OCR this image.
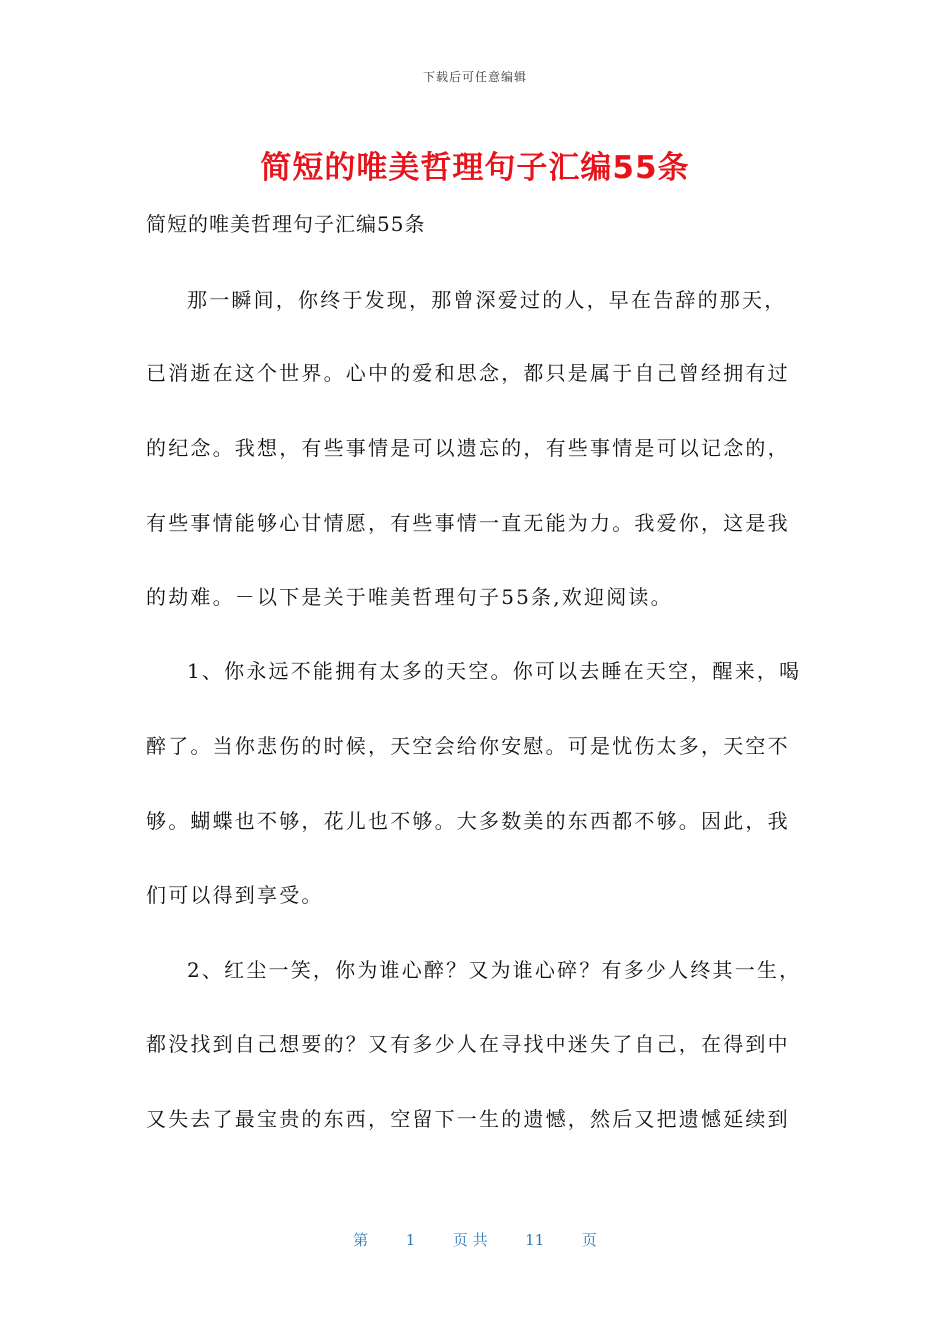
下载后可任意编辑
简短的唯美哲理句子汇编55条
简短的唯美哲理句子汇编55条
那一瞬间，你终于发现，那曾深爱过的人，早在告辞的那天，
已消逝在这个世界。心中的爱和思念，都只是属于自己曾经拥有过
的纪念。我想，有些事情是可以遗忘的，有些事情是可以记念的，
有些事情能够心甘情愿，有些事情一直无能为力。我爱你，这是我
的劫难。－以下是关于唯美哲理句子55条,欢迎阅读。
1、你永远不能拥有太多的天空。你可以去睡在天空，醒来，喝
醉了。当你悲伤的时候，天空会给你安慰。可是忧伤太多，天空不
够。蝴蝶也不够，花儿也不够。大多数美的东西都不够。因此，我
们可以得到享受。
2、红尘一笑，你为谁心醉？又为谁心碎？有多少人终其一生，
都没找到自己想要的？又有多少人在寻找中迷失了自己，在得到中
又失去了最宝贵的东西，空留下一生的遗憾，然后又把遗憾延续到
第	1	页 共	11	页
